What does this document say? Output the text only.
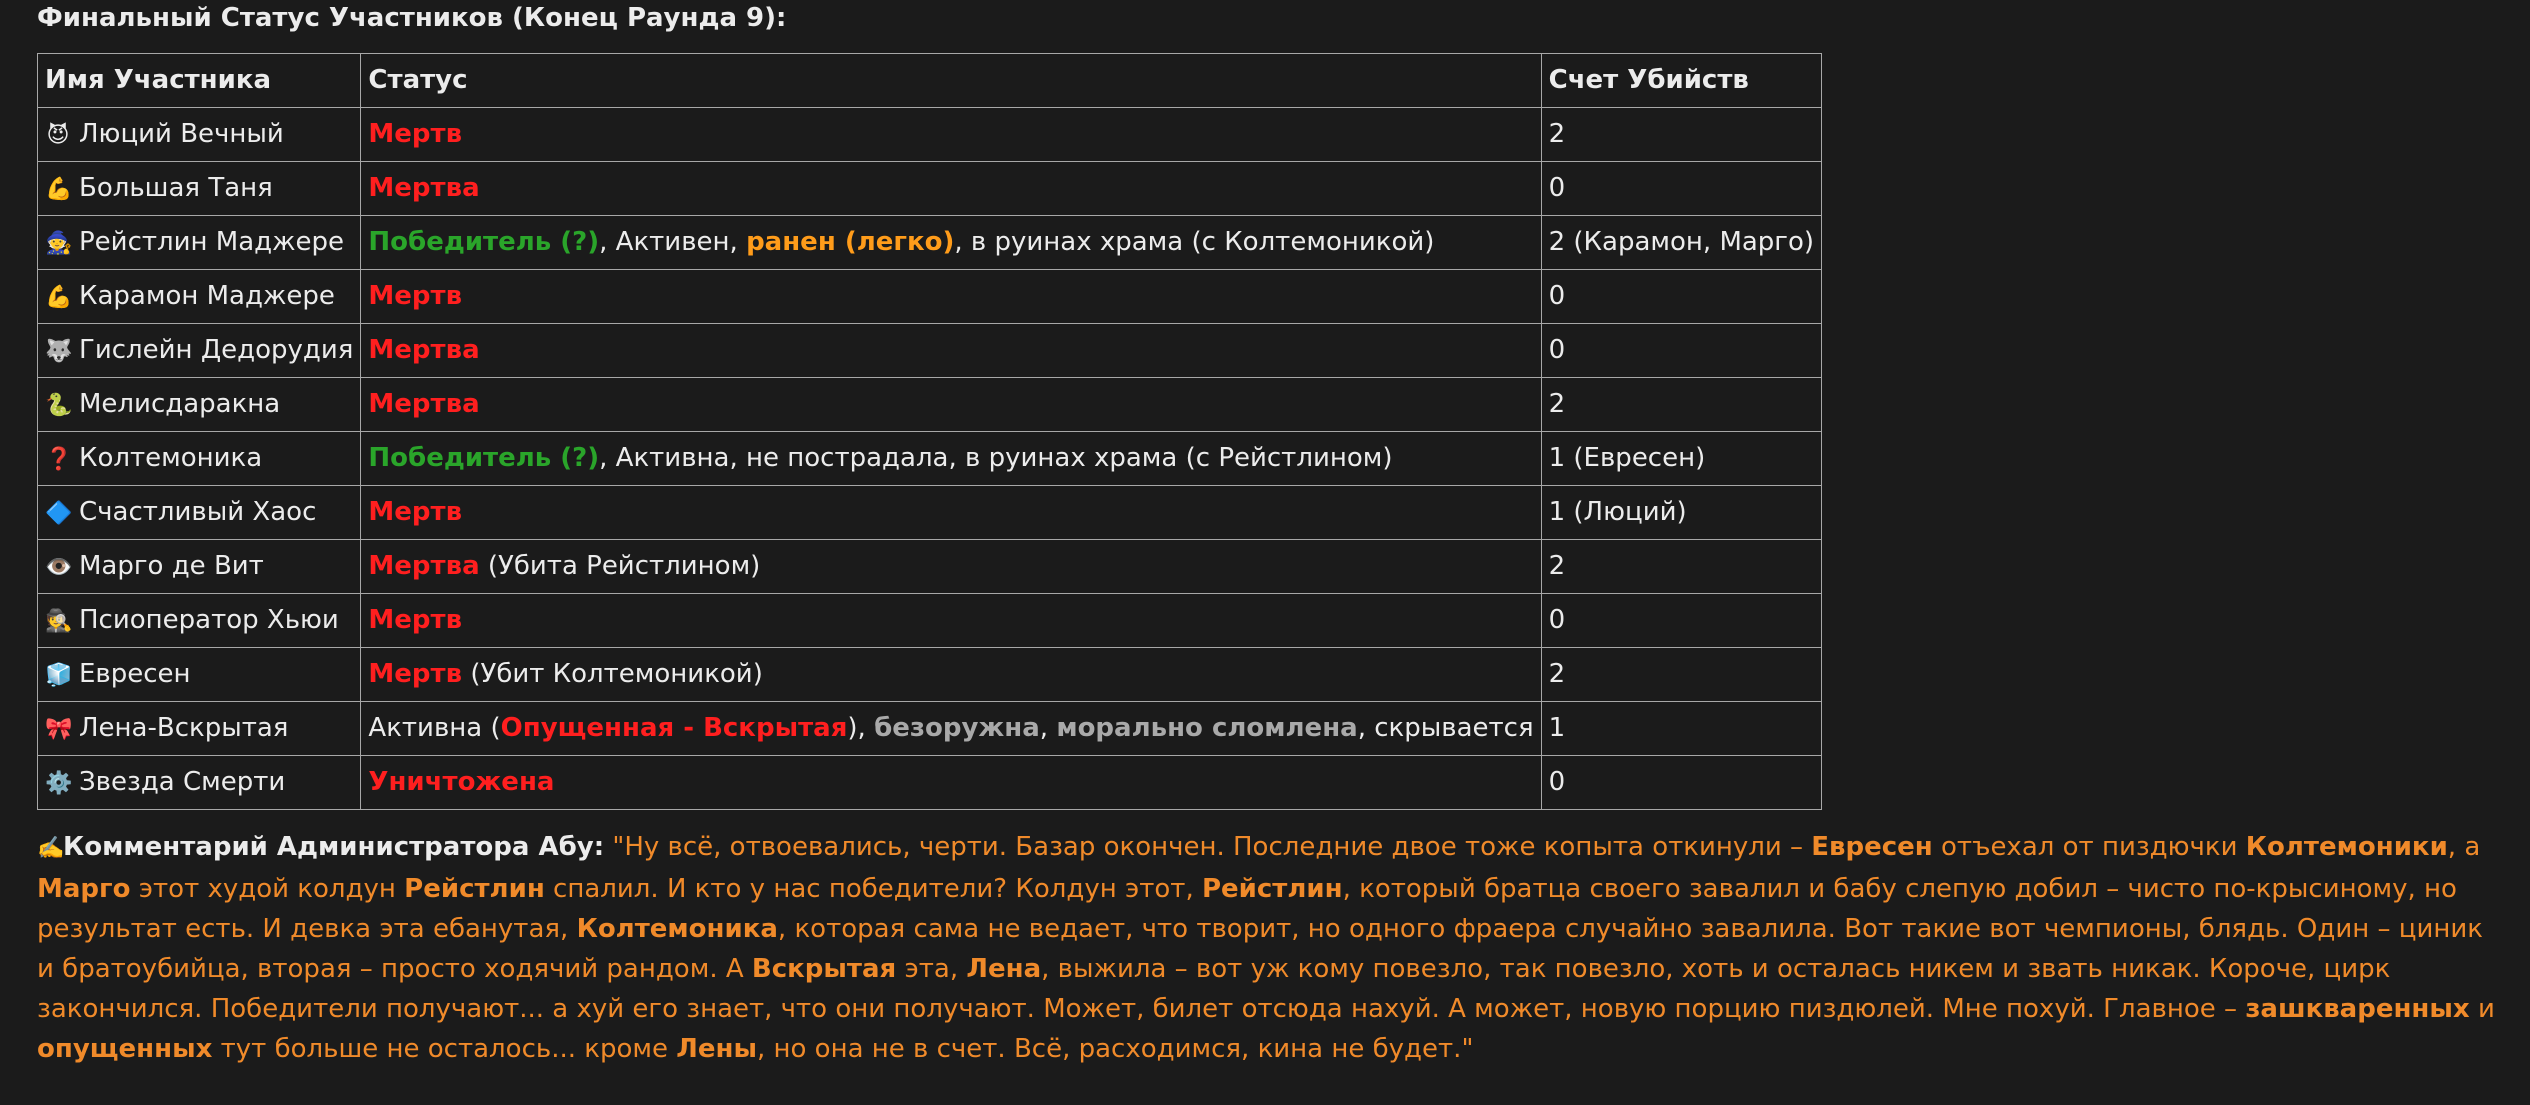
Финальный Статус Участников (Конец Раунда 9):
Имя Участника	Статус	Счет Убийств
😈 Люций Вечный	Мертв	2
💪 Большая Таня	Мертва	0
🧙 Рейстлин Маджере	Победитель (?), Активен, ранен (легко), в руинах храма (с Колтемоникой)	2 (Карамон, Марго)
💪 Карамон Маджере	Мертв	0
🐺 Гислейн Дедорудия	Мертва	0
🐍 Мелисдаракна	Мертва	2
❓ Колтемоника	Победитель (?), Активна, не пострадала, в руинах храма (с Рейстлином)	1 (Евресен)
🔷 Счастливый Хаос	Мертв	1 (Люций)
👁️ Марго де Вит	Мертва (Убита Рейстлином)	2
🕵️ Псиоператор Хьюи	Мертв	0
🧊 Евресен	Мертв (Убит Колтемоникой)	2
🎀 Лена-Вскрытая	Активна (Опущенная - Вскрытая), безоружна, морально сломлена, скрывается	1
⚙️ Звезда Смерти	Уничтожена	0
✍️Комментарий Администратора Абу: "Ну всё, отвоевались, черти. Базар окончен. Последние двое тоже копыта откинули – Евресен отъехал от пиздючки Колтемоники, а Марго этот худой колдун Рейстлин спалил. И кто у нас победители? Колдун этот, Рейстлин, который братца своего завалил и бабу слепую добил – чисто по-крысиному, но результат есть. И девка эта ебанутая, Колтемоника, которая сама не ведает, что творит, но одного фраера случайно завалила. Вот такие вот чемпионы, блядь. Один – циник и братоубийца, вторая – просто ходячий рандом. А Вскрытая эта, Лена, выжила – вот уж кому повезло, так повезло, хоть и осталась никем и звать никак. Короче, цирк закончился. Победители получают... а хуй его знает, что они получают. Может, билет отсюда нахуй. А может, новую порцию пиздюлей. Мне похуй. Главное – зашкваренных и опущенных тут больше не осталось... кроме Лены, но она не в счет. Всё, расходимся, кина не будет."
